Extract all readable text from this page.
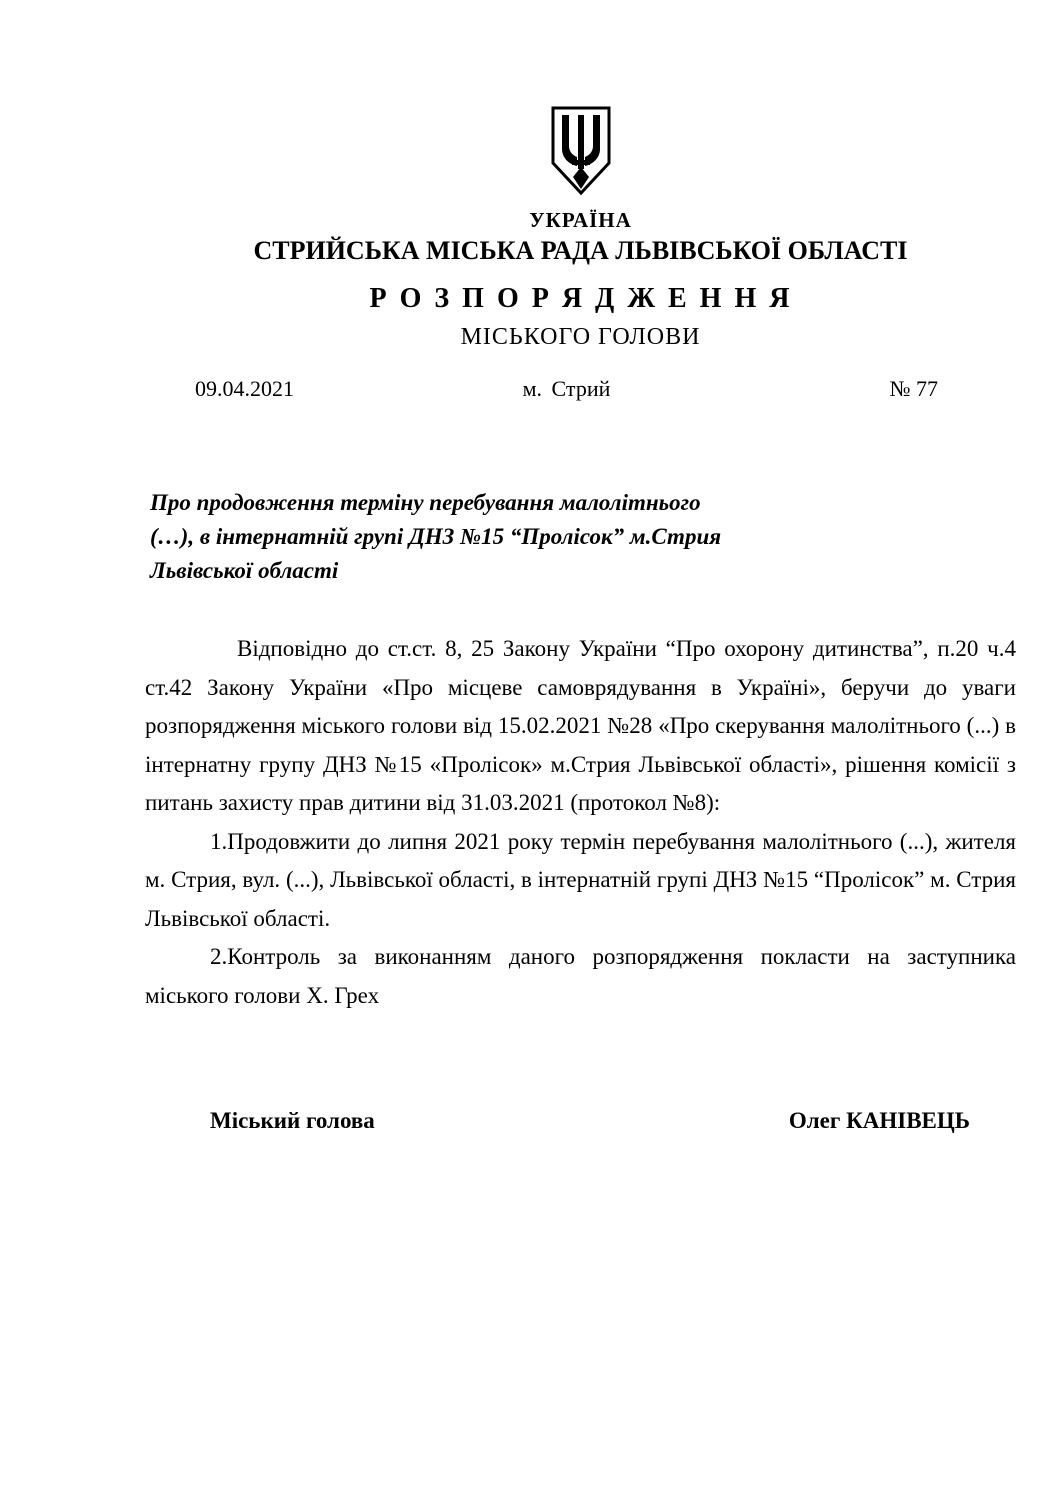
УКРАЇНА
СТРИЙСЬКА МІСЬКА РАДА ЛЬВІВСЬКОЇ ОБЛАСТІ
Р О З П О Р Я Д Ж Е Н Н Я
МІСЬКОГО ГОЛОВИ
09.04.2021	м. Стрий	№ 77
Про продовження терміну перебування малолітнього
(…), в інтернатній групі ДНЗ №15 “Пролісок” м.Стрия
Львівської області

Відповідно до ст.ст. 8, 25 Закону України “Про охорону дитинства”, п.20 ч.4 ст.42 Закону України «Про місцеве самоврядування в Україні», беручи до уваги розпорядження міського голови від 15.02.2021 №28 «Про скерування малолітнього (...) в інтернатну групу ДНЗ №15 «Пролісок» м.Стрия Львівської області», рішення комісії з питань захисту прав дитини від 31.03.2021 (протокол №8):

1.Продовжити до липня 2021 року термін перебування малолітнього (...), жителя м. Стрия, вул. (...), Львівської області, в інтернатній групі ДНЗ №15 “Пролісок” м. Стрия Львівської області.

2.Контроль за виконанням даного розпорядження покласти на заступника міського голови Х. Грех

Міський голова	Олег КАНІВЕЦЬ
